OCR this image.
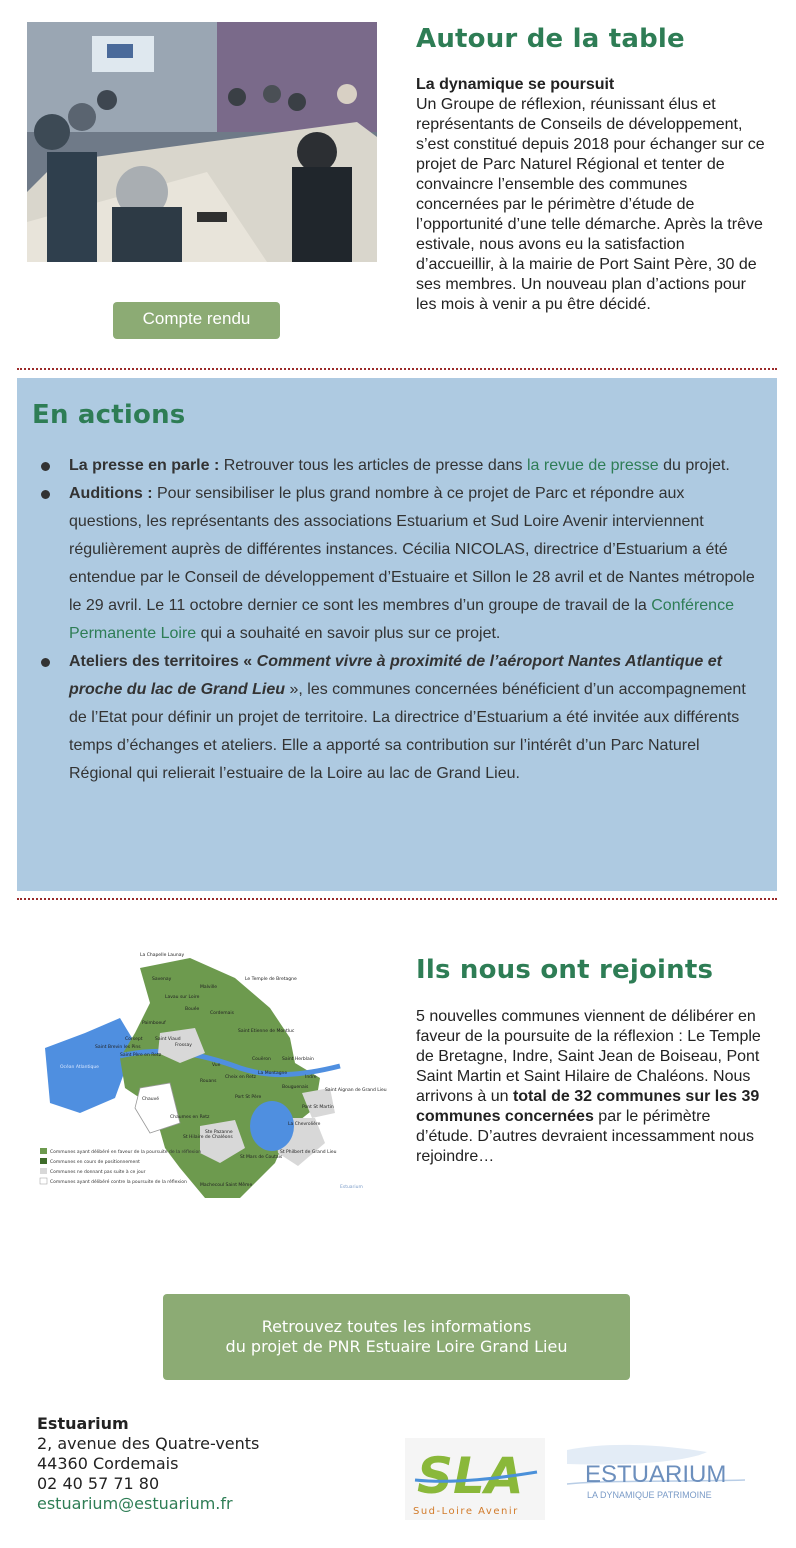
Compte rendu
Autour de la table
La dynamique se poursuit
Un Groupe de réflexion, réunissant élus et représentants de Conseils de développement, s’est constitué depuis 2018 pour échanger sur ce projet de Parc Naturel Régional et tenter de convaincre l’ensemble des communes concernées par le périmètre d’étude de l’opportunité d’une telle démarche. Après la trêve estivale, nous avons eu la satisfaction d’accueillir, à la mairie de Port Saint Père, 30 de ses membres. Un nouveau plan d’actions pour les mois à venir a pu être décidé.
En actions
La presse en parle : Retrouver tous les articles de presse dans la revue de presse du projet.
Auditions : Pour sensibiliser le plus grand nombre à ce projet de Parc et répondre aux questions, les représentants des associations Estuarium et Sud Loire Avenir interviennent régulièrement auprès de différentes instances. Cécilia NICOLAS, directrice d’Estuarium a été entendue par le Conseil de développement d’Estuaire et Sillon le 28 avril et de Nantes métropole le 29 avril. Le 11 octobre dernier ce sont les membres d’un groupe de travail de la Conférence Permanente Loire qui a souhaité en savoir plus sur ce projet.
Ateliers des territoires « Comment vivre à proximité de l’aéroport Nantes Atlantique et proche du lac de Grand Lieu », les communes concernées bénéficient d’un accompagnement de l’Etat pour définir un projet de territoire. La directrice d’Estuarium a été invitée aux différents temps d’échanges et ateliers. Elle a apporté sa contribution sur l’intérêt d’un Parc Naturel Régional qui relierait l’estuaire de la Loire au lac de Grand Lieu.
Communes ayant délibéré en faveur de la poursuite de la réflexion
Communes en cours de positionnement
Communes ne donnant pas suite à ce jour
Communes ayant délibéré contre la poursuite de la réflexion
La Chapelle Launay
Le Temple de Bretagne
Savenay
Malville
Lavau sur Loire
Bouée
Cordemais
Saint Etienne de Montluc
Océan Atlantique
Corsept
Paimboeuf
Frossay
Saint Viaud
Saint Brevin les Pins
Saint Père en Retz
Couëron Saint Herblain
Indre
Chauvé
Vue
Rouans
Cheix en Retz
La Montagne
Bouguenais
Chaumes en Retz
Saint Aignan de Grand Lieu
St Hilaire de Chaléons
Port St Père
Pont St Martin
Ste Pazanne
La Chevrolière
St Mars de Coutais
St Philbert de Grand Lieu
Machecoul Saint Même	Estuarium
Ils nous ont rejoints
5 nouvelles communes viennent de délibérer en faveur de la poursuite de la réflexion : Le Temple de Bretagne, Indre, Saint Jean de Boiseau, Pont Saint Martin et Saint Hilaire de Chaléons. Nous arrivons à un total de 32 communes sur les 39 communes concernées par le périmètre d’étude. D’autres devraient incessamment nous rejoindre…
Retrouvez toutes les informations
du projet de PNR Estuaire Loire Grand Lieu
Estuarium
2, avenue des Quatre-vents
44360 Cordemais
02 40 57 71 80
estuarium@estuarium.fr	SLA
Sud-Loire Avenir
ESTUARIUM
LA DYNAMIQUE PATRIMOINE
